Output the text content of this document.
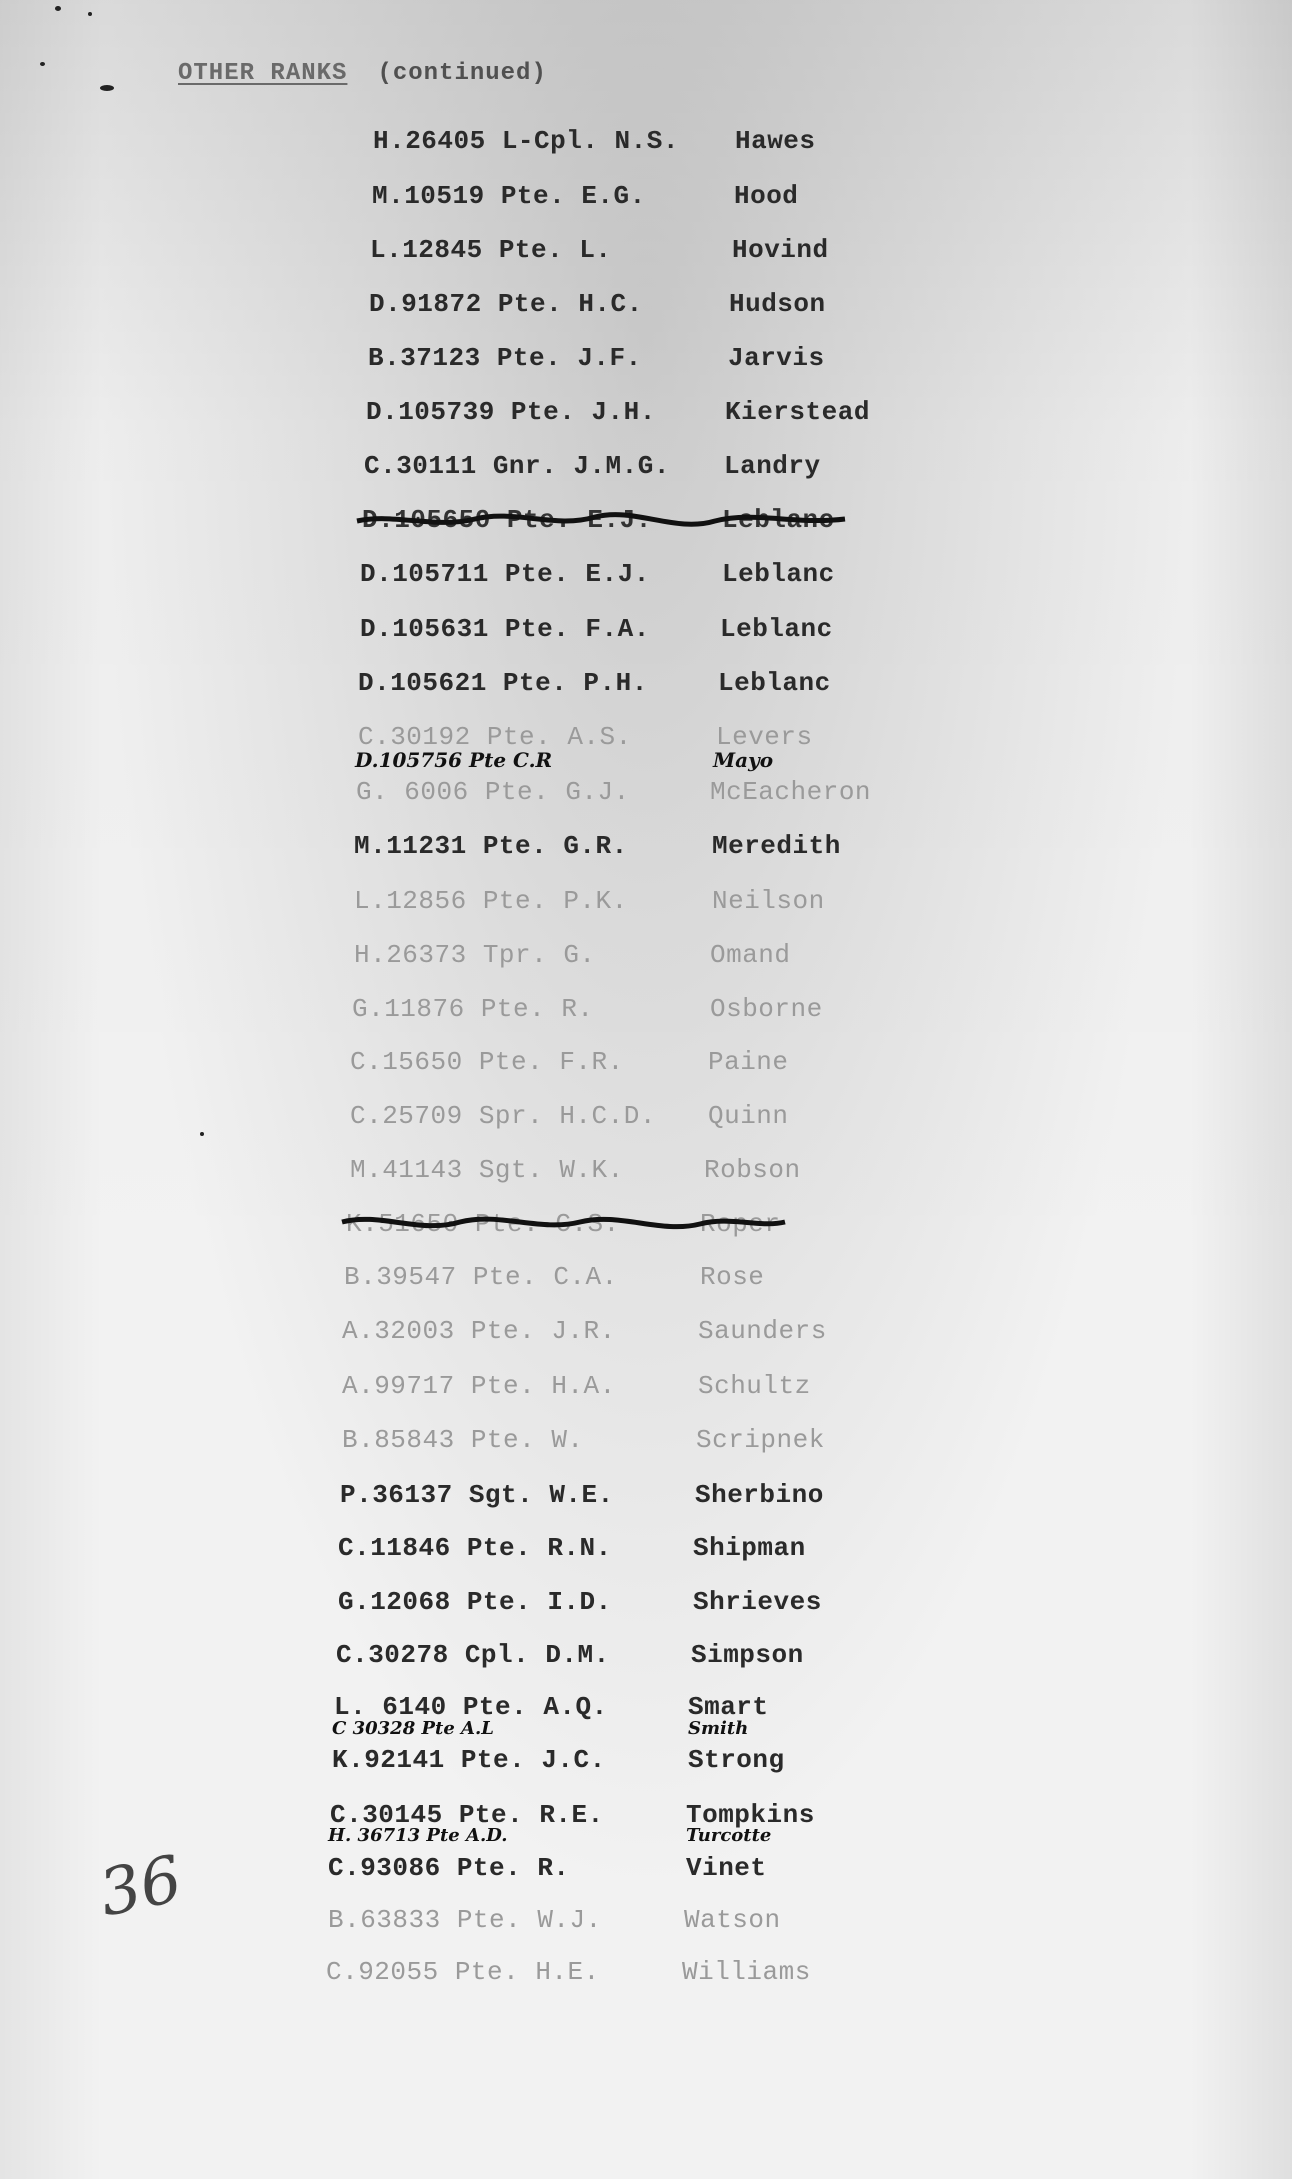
OTHER RANKS (continued)
H.26405 L-Cpl. N.S. Hawes
M.10519 Pte. E.G.	Hood
L.12845 Pte. L.	Hovind
D.91872 Pte. H.C.	Hudson
B.37123 Pte. J.F.	Jarvis
D.105739 Pte. J.H.	Kierstead
C.30111 Gnr. J.M.G. Landry
D.105650 Pte. E.J.	Leblanc
D.105711 Pte. E.J.	Leblanc
D.105631 Pte. F.A.	Leblanc
D.105621 Pte. P.H.	Leblanc
C.30192 Pte. A.S.	Levers
D.105756 Pte C.R	Mayo
G. 6006 Pte. G.J.	McEacheron
M.11231 Pte. G.R.	Meredith
L.12856 Pte. P.K.	Neilson
H.26373 Tpr. G.	Omand
G.11876 Pte. R.	Osborne
C.15650 Pte. F.R.	Paine
C.25709 Spr. H.C.D. Quinn
M.41143 Sgt. W.K.	Robson
K.51650 Pte. C.S.	Roper
B.39547 Pte. C.A.	Rose
A.32003 Pte. J.R.	Saunders
A.99717 Pte. H.A.	Schultz
B.85843 Pte. W.	Scripnek
P.36137 Sgt. W.E.	Sherbino
C.11846 Pte. R.N.	Shipman
G.12068 Pte. I.D.	Shrieves
C.30278 Cpl. D.M.	Simpson
L. 6140 Pte. A.Q.	Smart
C 30328 Pte A.L	Smith
K.92141 Pte. J.C.	Strong
C.30145 Pte. R.E.	Tompkins
H. 36713 Pte A.D.	Turcotte
C.93086 Pte. R.	Vinet
B.63833 Pte. W.J.	Watson
C.92055 Pte. H.E.	Williams
36
